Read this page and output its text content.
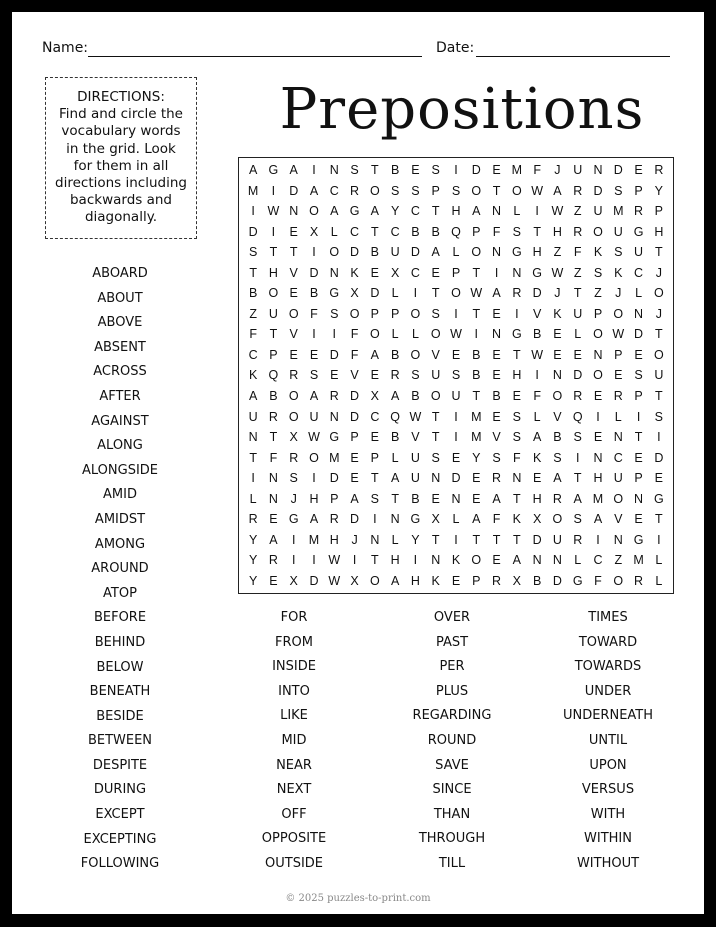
Name:	Date:
DIRECTIONS:
Find and circle the
vocabulary words
in the grid. Look
for them in all
directions including
backwards and
diagonally.
Prepositions
A G A	I	N S T B E S	I	D E M F	J	U N D E R
M	I	D A C R O S S P S O T O W A R D S P Y
I	W N O A G A Y C T H A N L	I	W Z U M R P
D	I	E X	L C T C B B Q P F S T H R O U G H
S T	T	I	O D B U D A	L O N G H Z	F K S U T
T H V D N K E X C E P T	I	N G W Z S K C	J
B O E B G X D L	I	T O W A R D	J	T	Z	J	L O
Z U O F S O P P O S	I	T E	I	V K U P O N	J
F	T V	I	I	F O L	L O W	I	N G B E	L O W D T
C P E E D F A B O V E B E T W E E N P E O
K Q R S E V E R S U S B E H	I	N D O E S U
A B O A R D X A B O U T B E F O R E R P T
U R O U N D C Q W T	I	M E S	L	V Q	I	L	I	S
N T X W G P E B V T	I	M V S A B S E N T	I
T	F R O M E P	L U S E Y S F K S	I	N C E D
I	N S	I	D E T A U N D E R N E A T H U P E
L N	J	H P A S T B E N E A T H R A M O N G
R E G A R D	I	N G X	L	A F K X O S A V E T
Y A	I	M H	J	N L	Y T	I	T	T	T D U R	I	N G	I
Y R	I	I	W	I	T H	I	N K O E A N N L C Z M L
Y E X D W X O A H K E P R X B D G F O R L
ABOARD
ABOUT
ABOVE
ABSENT
ACROSS
AFTER
AGAINST
ALONG
ALONGSIDE
AMID
AMIDST
AMONG
AROUND
ATOP
BEFORE
BEHIND
BELOW
BENEATH
BESIDE
BETWEEN
DESPITE
DURING
EXCEPT
EXCEPTING
FOLLOWING
FOR
FROM
INSIDE
INTO
LIKE
MID
NEAR
NEXT
OFF
OPPOSITE
OUTSIDE
OVER
PAST
PER
PLUS
REGARDING
ROUND
SAVE
SINCE
THAN
THROUGH
TILL
TIMES
TOWARD
TOWARDS
UNDER
UNDERNEATH
UNTIL
UPON
VERSUS
WITH
WITHIN
WITHOUT
© 2025 puzzles-to-print.com
